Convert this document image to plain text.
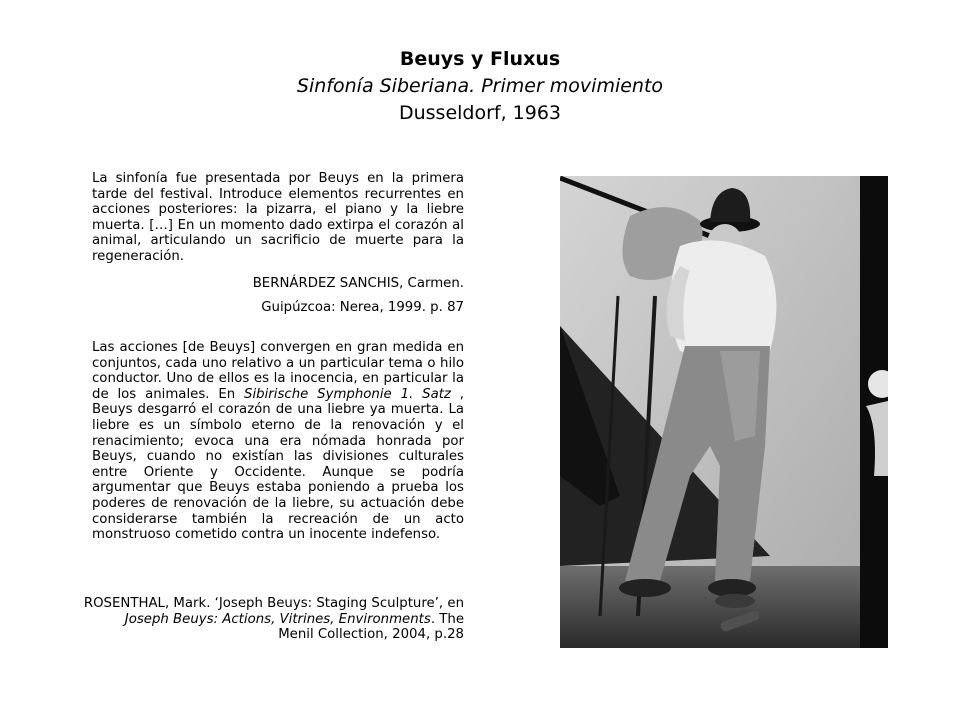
Beuys y Fluxus
Sinfonía Siberiana. Primer movimiento
Dusseldorf, 1963
La sinfonía fue presentada por Beuys en la primera tarde del festival. Introduce elementos recurrentes en acciones posteriores: la pizarra, el piano y la liebre muerta. […] En un momento dado extirpa el corazón al animal, articulando un sacrificio de muerte para la regeneración.
BERNÁRDEZ SANCHIS, Carmen.
Guipúzcoa: Nerea, 1999. p. 87
Las acciones [de Beuys] convergen en gran medida en conjuntos, cada uno relativo a un particular tema o hilo conductor. Uno de ellos es la inocencia, en particular la de los animales. En Sibirische Symphonie 1. Satz , Beuys desgarró el corazón de una liebre ya muerta. La liebre es un símbolo eterno de la renovación y el renacimiento; evoca una era nómada honrada por Beuys, cuando no existían las divisiones culturales entre Oriente y Occidente. Aunque se podría argumentar que Beuys estaba poniendo a prueba los poderes de renovación de la liebre, su actuación debe considerarse también la recreación de un acto monstruoso cometido contra un inocente indefenso.
ROSENTHAL, Mark. ‘Joseph Beuys: Staging Sculpture’, en
Joseph Beuys: Actions, Vitrines, Environments. The
Menil Collection, 2004, p.28
